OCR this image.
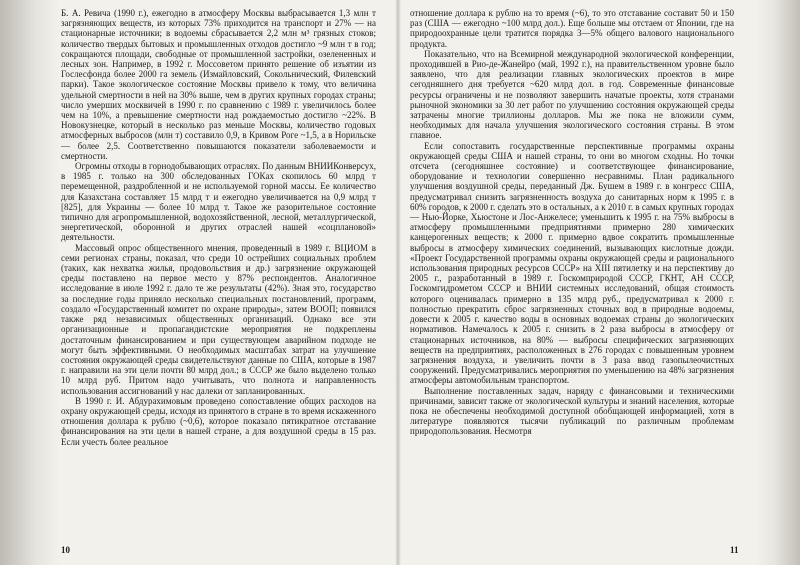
Б. А. Ревича (1990 г.), ежегодно в атмосферу Москвы выбрасывается 1,3 млн т загрязняющих веществ, из которых 73% приходится на транспорт и 27% — на стационарные источники; в водоемы сбрасывается 2,2 млн м³ грязных стоков; количество твердых бытовых и промышленных отходов достигло ~9 млн т в год; сокращаются площади, свободные от промышленной застройки, озелененных и лесных зон. Например, в 1992 г. Моссоветом принято решение об изъятии из Гослесфонда более 2000 га земель (Измайловский, Сокольнический, Филевский парки). Такое экологическое состояние Москвы привело к тому, что величина удельной смертности в ней на 30% выше, чем в других крупных городах страны; число умерших москвичей в 1990 г. по сравнению с 1989 г. увеличилось более чем на 10%, а превышение смертности над рождаемостью достигло ~22%. В Новокузнецке, который в несколько раз меньше Москвы, количество годовых атмосферных выбросов (млн т) составило 0,9, в Кривом Роге ~1,5, а в Норильске — более 2,5. Соответственно повышаются показатели заболеваемости и смертности.

Огромны отходы в горнодобывающих отраслях. По данным ВНИИКонверсух, в 1985 г. только на 300 обследованных ГОКах скопилось 60 млрд т перемещенной, раздробленной и не используемой горной массы. Ее количество для Казахстана составляет 15 млрд т и ежегодно увеличивается на 0,9 млрд т [825], для Украины — более 10 млрд т. Такое же разорительное состояние типично для агропромышленной, водохозяйственной, лесной, металлургической, энергетической, оборонной и других отраслей нашей «соцплановой» деятельности.

Массовый опрос общественного мнения, проведенный в 1989 г. ВЦИОМ в семи регионах страны, показал, что среди 10 острейших социальных проблем (таких, как нехватка жилья, продовольствия и др.) загрязнение окружающей среды поставлено на первое место у 87% респондентов. Аналогичное исследование в июле 1992 г. дало те же результаты (42%). Зная это, государство за последние годы приняло несколько специальных постановлений, программ, создало «Государственный комитет по охране природы», затем ВООП; появился также ряд независимых общественных организаций. Однако все эти организационные и пропагандистские мероприятия не подкреплены достаточным финансированием и при существующем аварийном подходе не могут быть эффективными. О необходимых масштабах затрат на улучшение состояния окружающей среды свидетельствуют данные по США, которые в 1987 г. направили на эти цели почти 80 млрд дол.; в СССР же было выделено только 10 млрд руб. Притом надо учитывать, что полнота и направленность использования ассигнований у нас далеки от запланированных.

В 1990 г. И. Абдурахимовым проведено сопоставление общих расходов на охрану окружающей среды, исходя из принятого в стране в то время искаженного отношения доллара к рублю (~0,6), которое показало пятикратное отставание финансирования на эти цели в нашей стране, а для воздушной среды в 15 раз. Если учесть более реальное

10

отношение доллара к рублю на то время (~6), то это отставание составит 50 и 150 раз (США — ежегодно ~100 млрд дол.). Еще больше мы отстаем от Японии, где на природоохранные цели тратится порядка 3—5% общего валового национального продукта.

Показательно, что на Всемирной международной экологической конференции, проходившей в Рио-де-Жанейро (май, 1992 г.), на правительственном уровне было заявлено, что для реализации главных экологических проектов в мире сегодняшнего дня требуется ~620 млрд дол. в год. Современные финансовые ресурсы ограничены и не позволяют завершить начатые проекты, хотя странами рыночной экономики за 30 лет работ по улучшению состояния окружающей среды затрачены многие триллионы долларов. Мы же пока не вложили сумм, необходимых для начала улучшения экологического состояния страны. В этом главное.

Если сопоставить государственные перспективные программы охраны окружающей среды США и нашей страны, то они во многом сходны. Но точки отсчета (сегодняшнее состояние) и соответствующее финансирование, оборудование и технологии совершенно несравнимы. План радикального улучшения воздушной среды, переданный Дж. Бушем в 1989 г. в конгресс США, предусматривал снизить загрязненность воздуха до санитарных норм к 1995 г. в 60% городов, к 2000 г. сделать это в остальных, а к 2010 г. в самых крупных городах — Нью-Йорке, Хьюстоне и Лос-Анжелесе; уменьшить к 1995 г. на 75% выбросы в атмосферу промышленными предприятиями примерно 280 химических канцерогенных веществ; к 2000 г. примерно вдвое сократить промышленные выбросы в атмосферу химических соединений, вызывающих кислотные дожди. «Проект Государственной программы охраны окружающей среды и рационального использования природных ресурсов СССР» на XIII пятилетку и на перспективу до 2005 г., разработанный в 1989 г. Госкомприродой СССР, ГКНТ, АН СССР, Госкомгидрометом СССР и ВНИИ системных исследований, общая стоимость которого оценивалась примерно в 135 млрд руб., предусматривал к 2000 г. полностью прекратить сброс загрязненных сточных вод в природные водоемы, довести к 2005 г. качество воды в основных водоемах страны до экологических нормативов. Намечалось к 2005 г. снизить в 2 раза выбросы в атмосферу от стационарных источников, на 80% — выбросы специфических загрязняющих веществ на предприятиях, расположенных в 276 городах с повышенным уровнем загрязнения воздуха, и увеличить почти в 3 раза ввод газопылеочистных сооружений. Предусматривались мероприятия по уменьшению на 48% загрязнения атмосферы автомобильным транспортом.

Выполнение поставленных задач, наряду с финансовыми и техническими причинами, зависит также от экологической культуры и знаний населения, которые пока не обеспечены необходимой доступной обобщающей информацией, хотя в литературе появляются тысячи публикаций по различным проблемам природопользования. Несмотря

11
